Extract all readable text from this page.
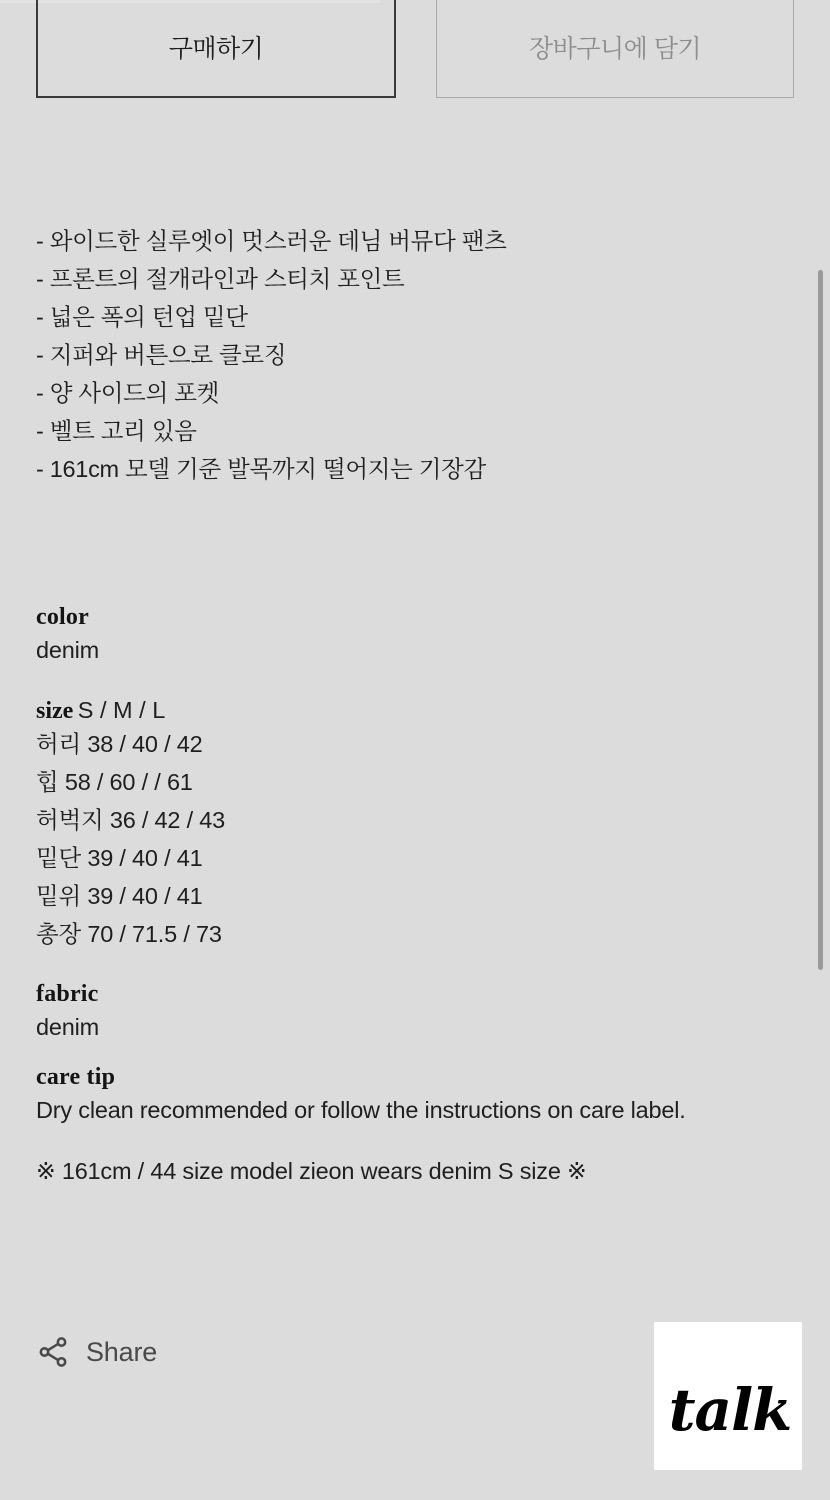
구매하기	장바구니에 담기
- 와이드한 실루엣이 멋스러운 데님 버뮤다 팬츠
- 프론트의 절개라인과 스티치 포인트
- 넓은 폭의 턴업 밑단
- 지퍼와 버튼으로 클로징
- 양 사이드의 포켓
- 벨트 고리 있음
- 161cm 모델 기준 발목까지 떨어지는 기장감
color
denim
size S / M / L
허리 38 / 40 / 42
힙 58 / 60 / / 61
허벅지 36 / 42 / 43
밑단 39 / 40 / 41
밑위 39 / 40 / 41
총장 70 / 71.5 / 73
fabric
denim
care tip
Dry clean recommended or follow the instructions on care label.
※ 161cm / 44 size model zieon wears denim S size ※
Share
talk
